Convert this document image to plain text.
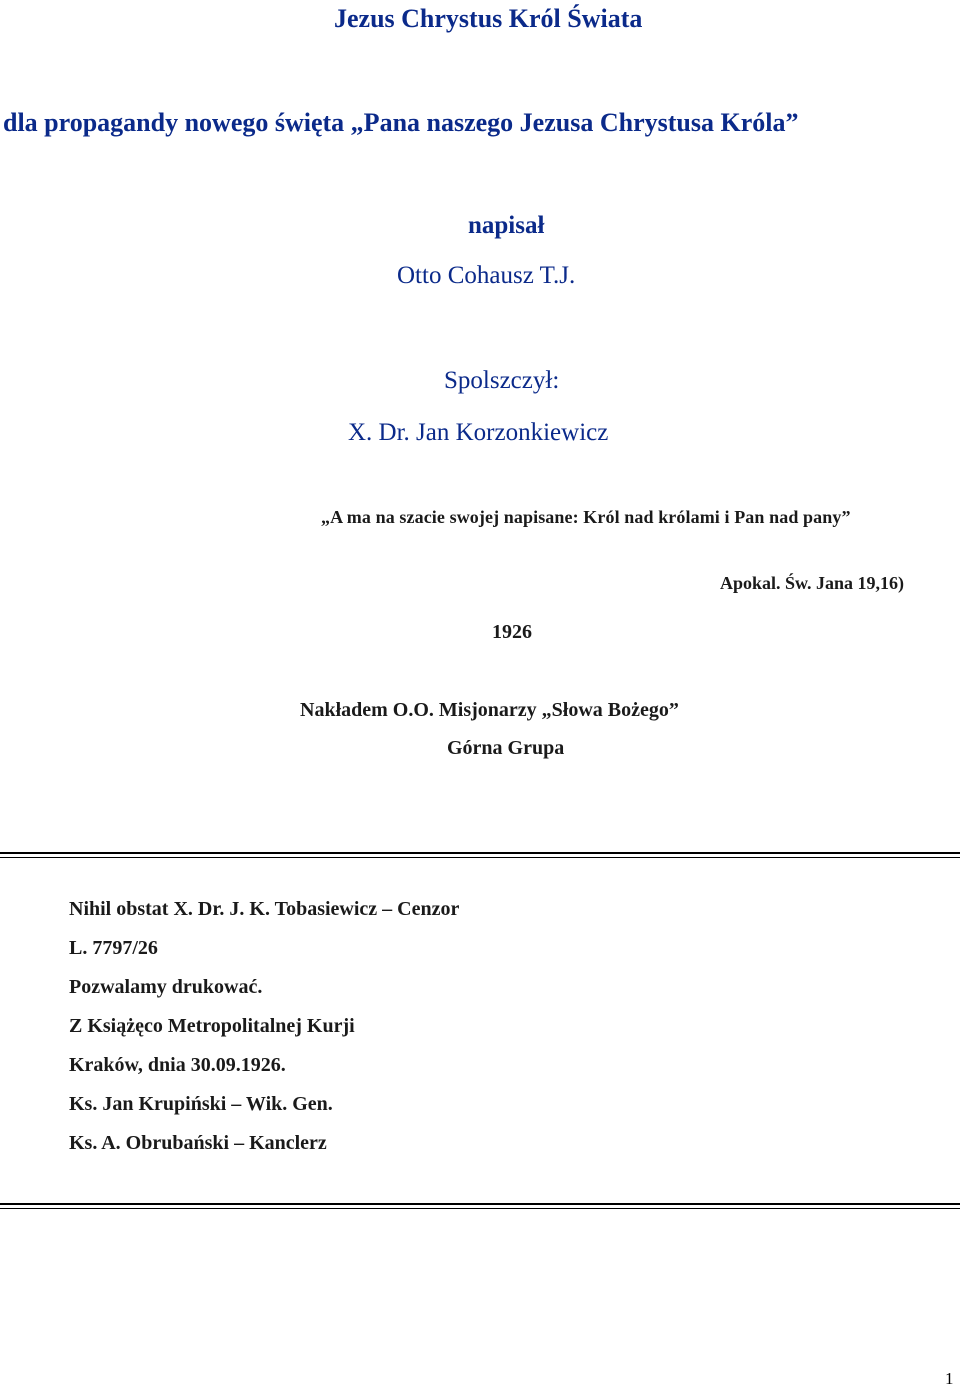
Jezus Chrystus Król Świata
dla propagandy nowego święta „Pana naszego Jezusa Chrystusa Króla”
napisał
Otto Cohausz T.J.
Spolszczył:
X. Dr. Jan Korzonkiewicz
„A ma na szacie swojej napisane: Król nad królami i Pan nad pany”
Apokal. Św. Jana 19,16)
1926
Nakładem O.O. Misjonarzy „Słowa Bożego”
Górna Grupa
Nihil obstat X. Dr. J. K. Tobasiewicz – Cenzor
L. 7797/26
Pozwalamy drukować.
Z Książęco Metropolitalnej Kurji
Kraków, dnia 30.09.1926.
Ks. Jan Krupiński – Wik. Gen.
Ks. A. Obrubański – Kanclerz
1
